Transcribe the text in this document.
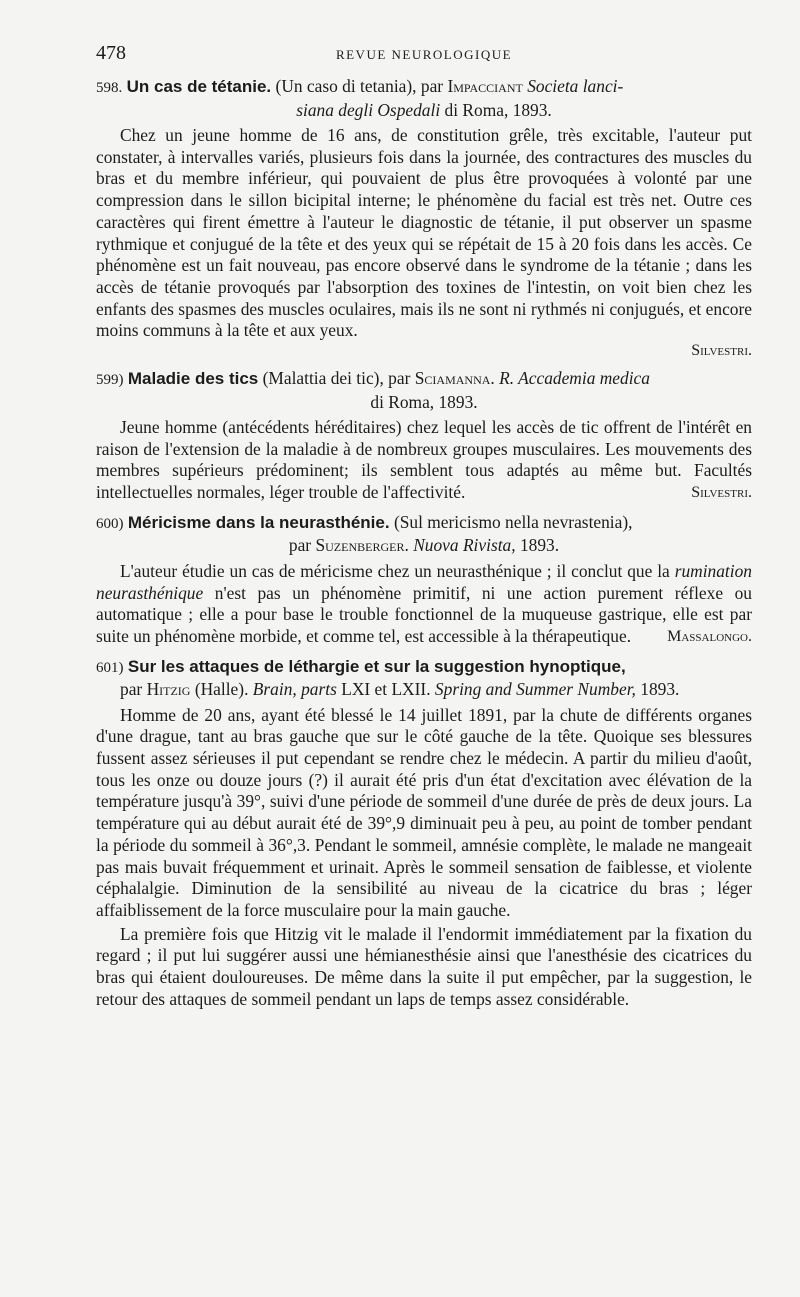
478	REVUE NEUROLOGIQUE
598. Un cas de tétanie. (Un caso di tetania), par Impacciant Societa lanci-
siana degli Ospedali di Roma, 1893.

Chez un jeune homme de 16 ans, de constitution grêle, très excitable, l'auteur put constater, à intervalles variés, plusieurs fois dans la journée, des contractures des muscles du bras et du membre inférieur, qui pouvaient de plus être provoquées à volonté par une compression dans le sillon bicipital interne; le phénomène du facial est très net. Outre ces caractères qui firent émettre à l'auteur le diagnostic de tétanie, il put observer un spasme rythmique et conjugué de la tête et des yeux qui se répétait de 15 à 20 fois dans les accès. Ce phénomène est un fait nouveau, pas encore observé dans le syndrome de la tétanie ; dans les accès de tétanie provoqués par l'absorption des toxines de l'intestin, on voit bien chez les enfants des spasmes des muscles oculaires, mais ils ne sont ni rythmés ni conjugués, et encore moins communs à la tête et aux yeux.

Silvestri.

599) Maladie des tics (Malattia dei tic), par Sciamanna. R. Accademia medica
di Roma, 1893.

Jeune homme (antécédents héréditaires) chez lequel les accès de tic offrent de l'intérêt en raison de l'extension de la maladie à de nombreux groupes musculaires. Les mouvements des membres supérieurs prédominent; ils semblent tous adaptés au même but. Facultés intellectuelles normales, léger trouble de l'affectivité.	Silvestri.

600) Méricisme dans la neurasthénie. (Sul mericismo nella nevrastenia),
par Suzenberger. Nuova Rivista, 1893.

L'auteur étudie un cas de méricisme chez un neurasthénique ; il conclut que la rumination neurasthénique n'est pas un phénomène primitif, ni une action purement réflexe ou automatique ; elle a pour base le trouble fonctionnel de la muqueuse gastrique, elle est par suite un phénomène morbide, et comme tel, est accessible à la thérapeutique.	Massalongo.

601) Sur les attaques de léthargie et sur la suggestion hynoptique,
par Hitzig (Halle). Brain, parts LXI et LXII. Spring and Summer Number, 1893.

Homme de 20 ans, ayant été blessé le 14 juillet 1891, par la chute de différents organes d'une drague, tant au bras gauche que sur le côté gauche de la tête. Quoique ses blessures fussent assez sérieuses il put cependant se rendre chez le médecin. A partir du milieu d'août, tous les onze ou douze jours (?) il aurait été pris d'un état d'excitation avec élévation de la température jusqu'à 39°, suivi d'une période de sommeil d'une durée de près de deux jours. La température qui au début aurait été de 39°,9 diminuait peu à peu, au point de tomber pendant la période du sommeil à 36°,3. Pendant le sommeil, amnésie complète, le malade ne mangeait pas mais buvait fréquemment et urinait. Après le sommeil sensation de faiblesse, et violente céphalalgie. Diminution de la sensibilité au niveau de la cicatrice du bras ; léger affaiblissement de la force musculaire pour la main gauche.

La première fois que Hitzig vit le malade il l'endormit immédiatement par la fixation du regard ; il put lui suggérer aussi une hémianesthésie ainsi que l'anesthésie des cicatrices du bras qui étaient douloureuses. De même dans la suite il put empêcher, par la suggestion, le retour des attaques de sommeil pendant un laps de temps assez considérable.
